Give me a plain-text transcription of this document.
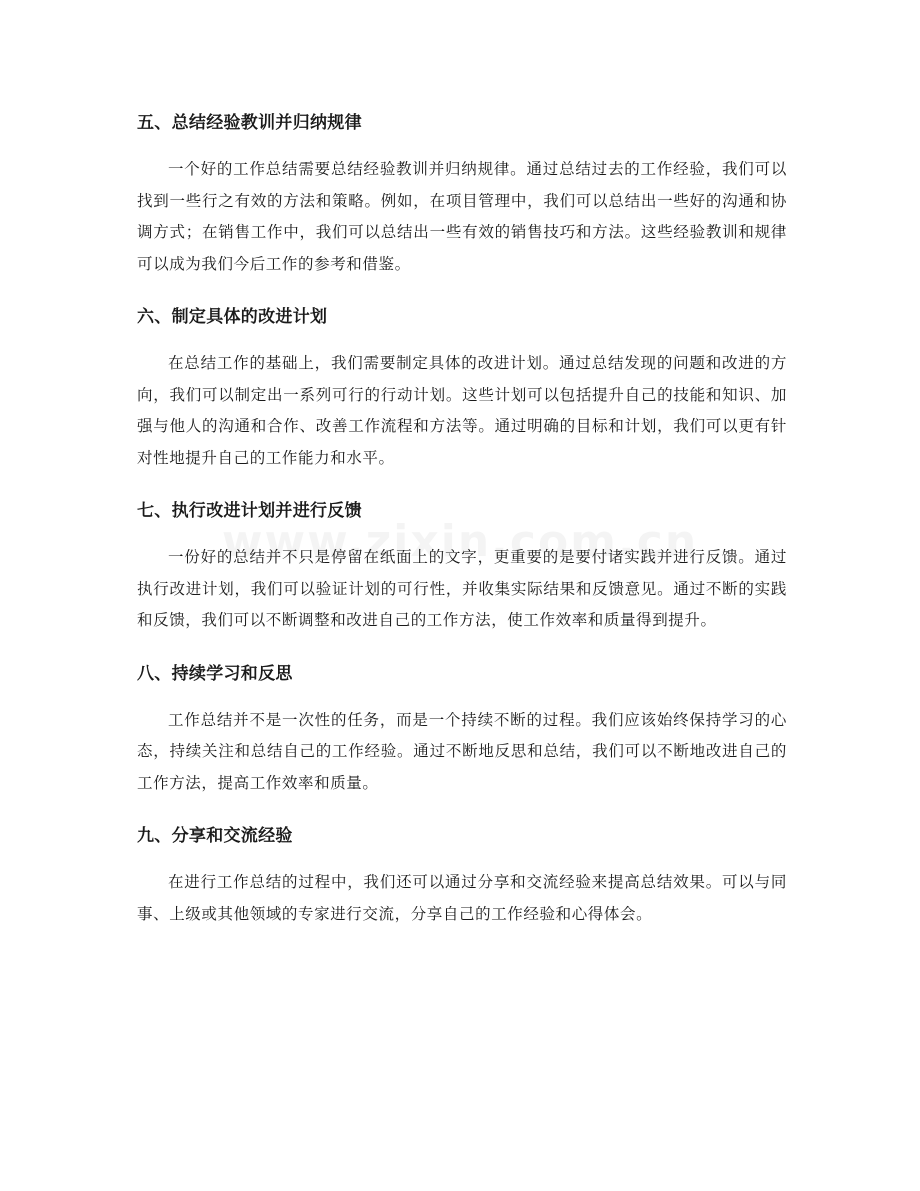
五、总结经验教训并归纳规律

一个好的工作总结需要总结经验教训并归纳规律。通过总结过去的工作经验，我们可以找到一些行之有效的方法和策略。例如，在项目管理中，我们可以总结出一些好的沟通和协调方式；在销售工作中，我们可以总结出一些有效的销售技巧和方法。这些经验教训和规律可以成为我们今后工作的参考和借鉴。

六、制定具体的改进计划

在总结工作的基础上，我们需要制定具体的改进计划。通过总结发现的问题和改进的方向，我们可以制定出一系列可行的行动计划。这些计划可以包括提升自己的技能和知识、加强与他人的沟通和合作、改善工作流程和方法等。通过明确的目标和计划，我们可以更有针对性地提升自己的工作能力和水平。

七、执行改进计划并进行反馈

一份好的总结并不只是停留在纸面上的文字，更重要的是要付诸实践并进行反馈。通过执行改进计划，我们可以验证计划的可行性，并收集实际结果和反馈意见。通过不断的实践和反馈，我们可以不断调整和改进自己的工作方法，使工作效率和质量得到提升。

八、持续学习和反思

工作总结并不是一次性的任务，而是一个持续不断的过程。我们应该始终保持学习的心态，持续关注和总结自己的工作经验。通过不断地反思和总结，我们可以不断地改进自己的工作方法，提高工作效率和质量。

九、分享和交流经验

在进行工作总结的过程中，我们还可以通过分享和交流经验来提高总结效果。可以与同事、上级或其他领域的专家进行交流，分享自己的工作经验和心得体会。
